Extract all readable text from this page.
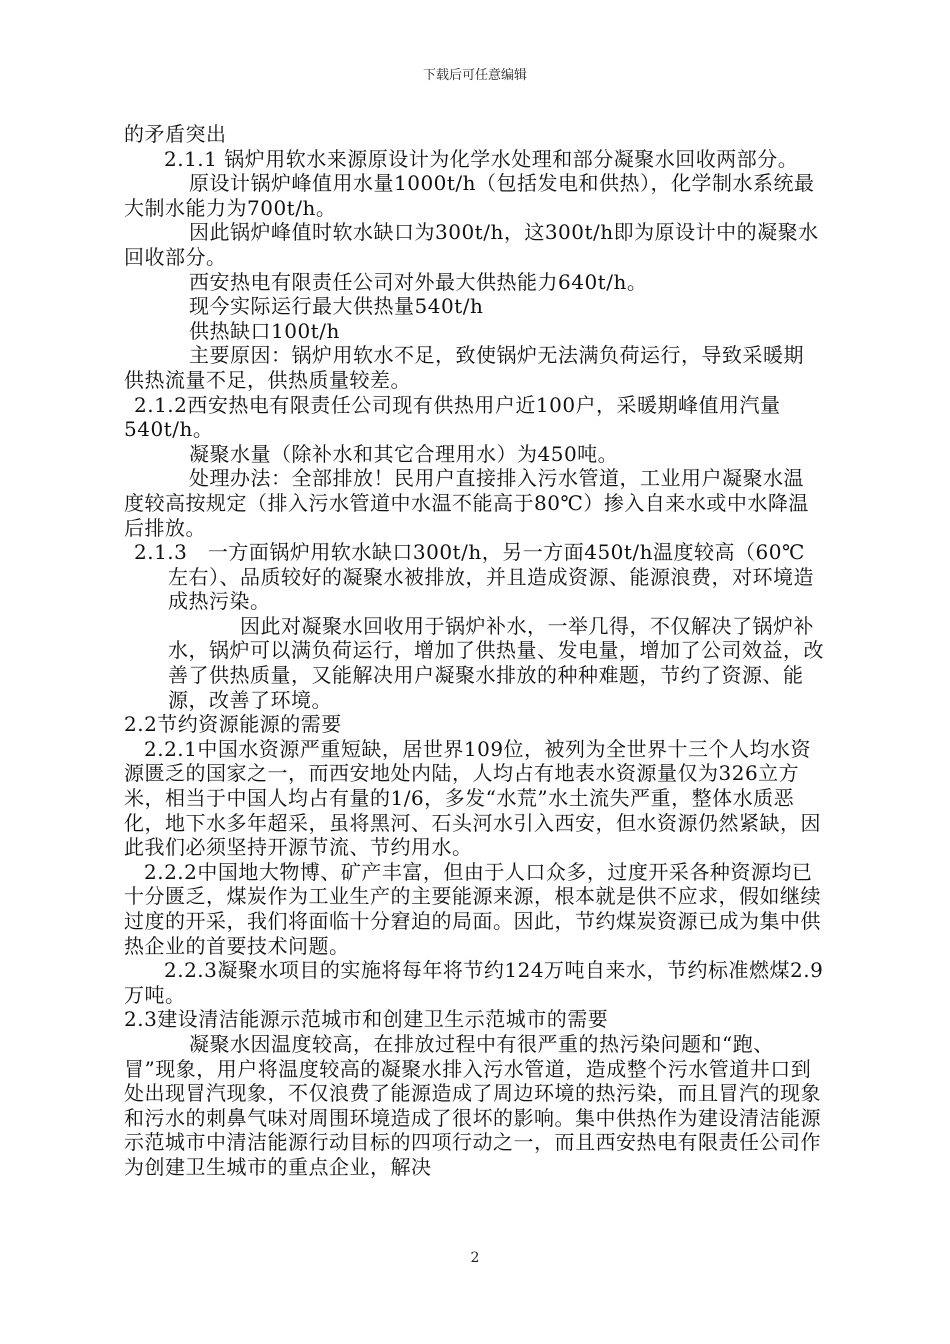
下载后可任意编辑

的矛盾突出

2.1.1 锅炉用软水来源原设计为化学水处理和部分凝聚水回收两部分。

原设计锅炉峰值用水量1000t/h（包括发电和供热），化学制水系统最大制水能力为700t/h。

因此锅炉峰值时软水缺口为300t/h，这300t/h即为原设计中的凝聚水回收部分。

西安热电有限责任公司对外最大供热能力640t/h。

现今实际运行最大供热量540t/h

供热缺口100t/h

主要原因：锅炉用软水不足，致使锅炉无法满负荷运行，导致采暖期供热流量不足，供热质量较差。

2.1.2西安热电有限责任公司现有供热用户近100户，采暖期峰值用汽量540t/h。

凝聚水量（除补水和其它合理用水）为450吨。

处理办法：全部排放！民用户直接排入污水管道，工业用户凝聚水温度较高按规定（排入污水管道中水温不能高于80℃）掺入自来水或中水降温后排放。

2.1.3　一方面锅炉用软水缺口300t/h，另一方面450t/h温度较高（60℃左右）、品质较好的凝聚水被排放，并且造成资源、能源浪费，对环境造成热污染。

因此对凝聚水回收用于锅炉补水，一举几得，不仅解决了锅炉补水，锅炉可以满负荷运行，增加了供热量、发电量，增加了公司效益，改善了供热质量，又能解决用户凝聚水排放的种种难题，节约了资源、能源，改善了环境。

2.2节约资源能源的需要

2.2.1中国水资源严重短缺，居世界109位，被列为全世界十三个人均水资源匮乏的国家之一，而西安地处内陆，人均占有地表水资源量仅为326立方米，相当于中国人均占有量的1/6，多发“水荒”水土流失严重，整体水质恶化，地下水多年超采，虽将黑河、石头河水引入西安，但水资源仍然紧缺，因此我们必须坚持开源节流、节约用水。

2.2.2中国地大物博、矿产丰富，但由于人口众多，过度开采各种资源均已十分匮乏，煤炭作为工业生产的主要能源来源，根本就是供不应求，假如继续过度的开采，我们将面临十分窘迫的局面。因此，节约煤炭资源已成为集中供热企业的首要技术问题。

2.2.3凝聚水项目的实施将每年将节约124万吨自来水，节约标准燃煤2.9万吨。

2.3建设清洁能源示范城市和创建卫生示范城市的需要

凝聚水因温度较高，在排放过程中有很严重的热污染问题和“跑、冒”现象，用户将温度较高的凝聚水排入污水管道，造成整个污水管道井口到处出现冒汽现象，不仅浪费了能源造成了周边环境的热污染，而且冒汽的现象和污水的刺鼻气味对周围环境造成了很坏的影响。集中供热作为建设清洁能源示范城市中清洁能源行动目标的四项行动之一，而且西安热电有限责任公司作为创建卫生城市的重点企业，解决

2
